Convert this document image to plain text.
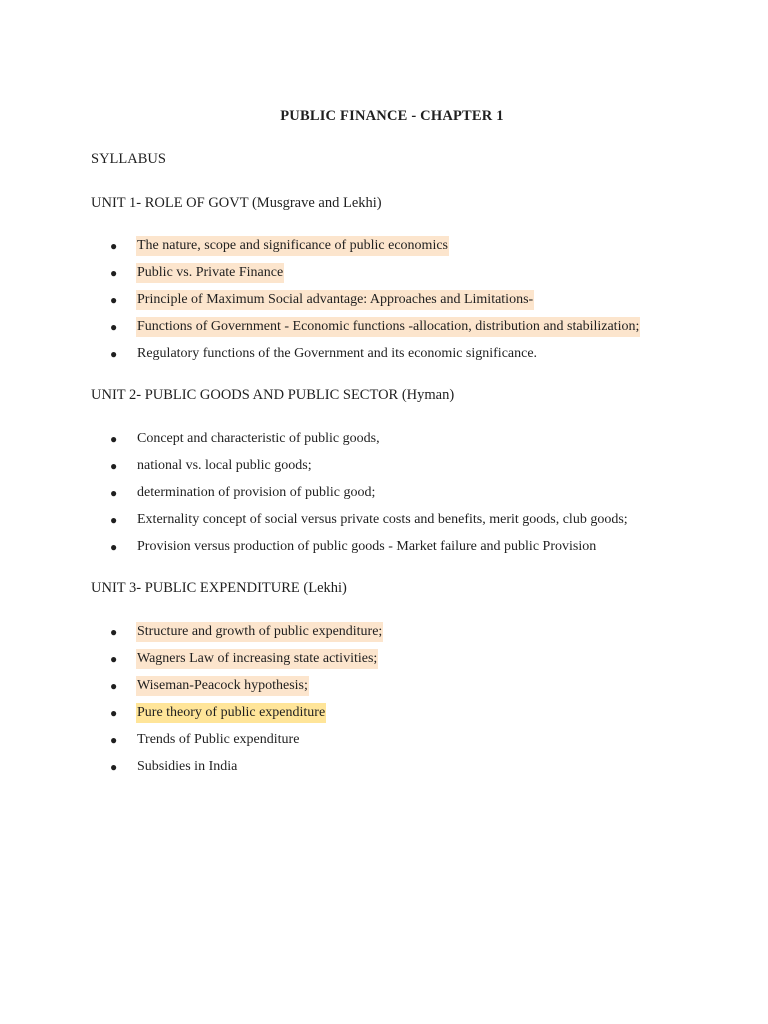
PUBLIC FINANCE - CHAPTER 1
SYLLABUS
UNIT 1- ROLE OF GOVT (Musgrave and Lekhi)
●	The nature, scope and significance of public economics
●	Public vs. Private Finance
●	Principle of Maximum Social advantage: Approaches and Limitations-
●	Functions of Government - Economic functions -allocation, distribution and stabilization;
●	Regulatory functions of the Government and its economic significance.
UNIT 2- PUBLIC GOODS AND PUBLIC SECTOR (Hyman)
●	Concept and characteristic of public goods,
●	national vs. local public goods;
●	determination of provision of public good;
●	Externality concept of social versus private costs and benefits, merit goods, club goods;
●	Provision versus production of public goods - Market failure and public Provision
UNIT 3- PUBLIC EXPENDITURE (Lekhi)
●	Structure and growth of public expenditure;
●	Wagners Law of increasing state activities;
●	Wiseman-Peacock hypothesis;
●	Pure theory of public expenditure
●	Trends of Public expenditure
●	Subsidies in India
